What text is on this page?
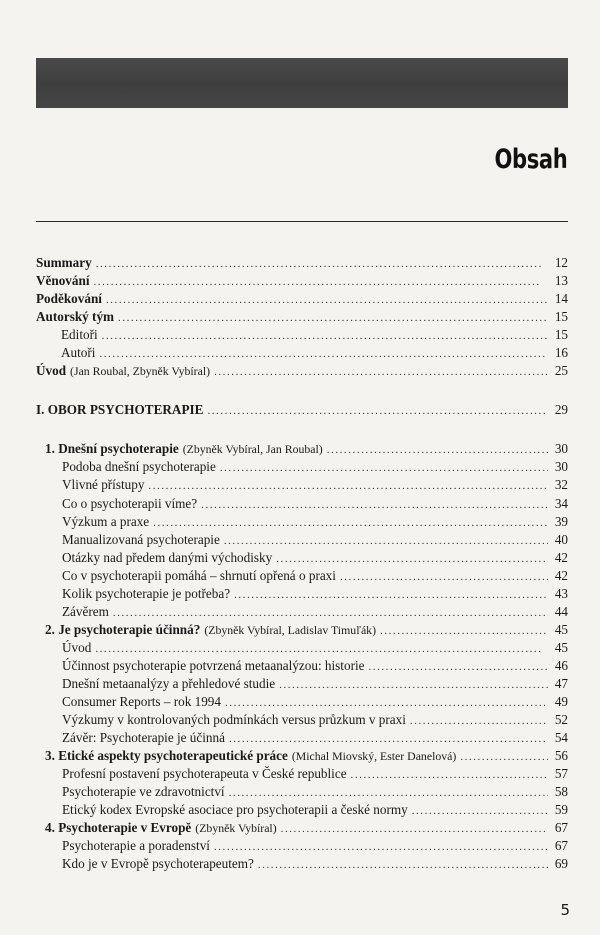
Obsah
Summary . . .	12
Věnování . . .	13
Poděkování . . .	14
Autorský tým . . .	15
Editoři . . .	15
Autoři . . .	16
Úvod (Jan Roubal, Zbyněk Vybíral) . . .	25
I. OBOR PSYCHOTERAPIE . . .	29
1. Dnešní psychoterapie (Zbyněk Vybíral, Jan Roubal) . . .	30
Podoba dnešní psychoterapie . . .	30
Vlivné přístupy . . .	32
Co o psychoterapii víme? . . .	34
Výzkum a praxe . . .	39
Manualizovaná psychoterapie . . .	40
Otázky nad předem danými východisky . . .	42
Co v psychoterapii pomáhá – shrnutí opřená o praxi . . .	42
Kolik psychoterapie je potřeba? . . .	43
Závěrem . . .	44
2. Je psychoterapie účinná? (Zbyněk Vybíral, Ladislav Timuľák) . . .	45
Úvod . . .	45
Účinnost psychoterapie potvrzená metaanalýzou: historie . . .	46
Dnešní metaanalýzy a přehledové studie . . .	47
Consumer Reports – rok 1994 . . .	49
Výzkumy v kontrolovaných podmínkách versus průzkum v praxi . . .	52
Závěr: Psychoterapie je účinná . . .	54
3. Etické aspekty psychoterapeutické práce (Michal Miovský, Ester Danelová) . . .	56
Profesní postavení psychoterapeuta v České republice . . .	57
Psychoterapie ve zdravotnictví . . .	58
Etický kodex Evropské asociace pro psychoterapii a české normy . . .	59
4. Psychoterapie v Evropě (Zbyněk Vybíral) . . .	67
Psychoterapie a poradenství . . .	67
Kdo je v Evropě psychoterapeutem? . . .	69
5
